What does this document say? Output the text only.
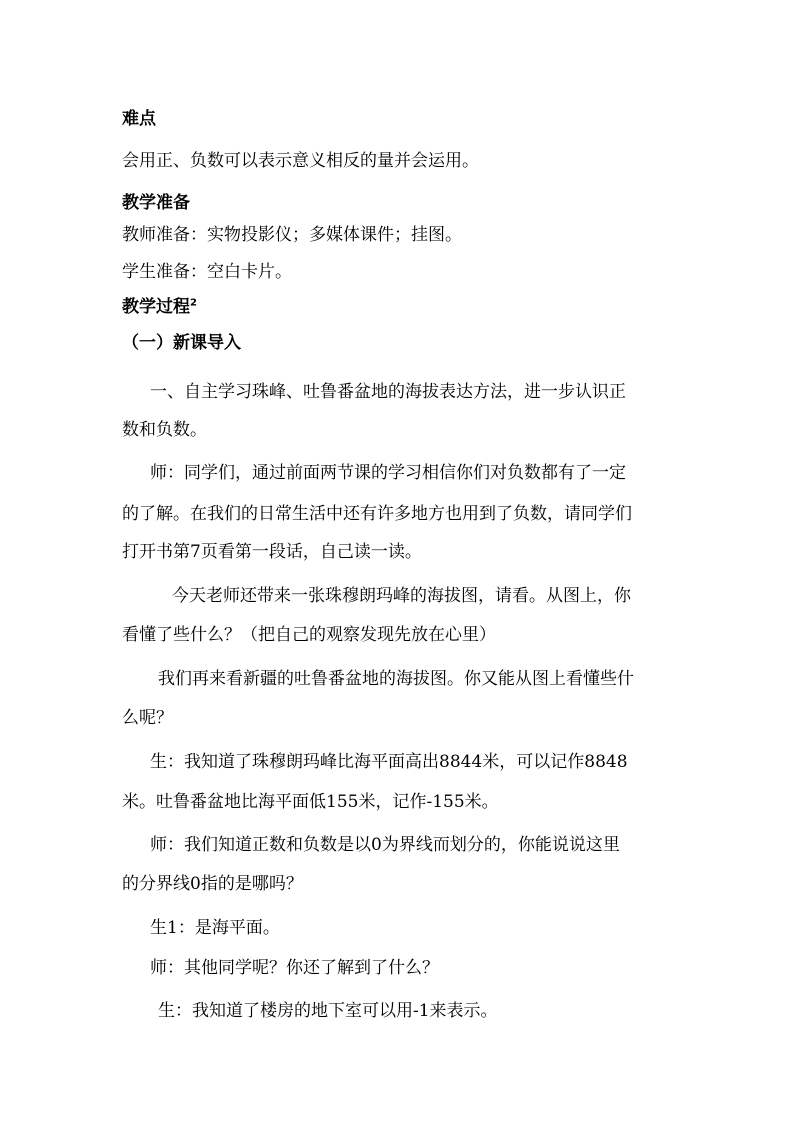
难点
会用正、负数可以表示意义相反的量并会运用。
教学准备
教师准备：实物投影仪；多媒体课件；挂图。
学生准备：空白卡片。
教学过程$^2$
（一）新课导入
一、自主学习珠峰、吐鲁番盆地的海拔表达方法，进一步认识正
数和负数。
师：同学们，通过前面两节课的学习相信你们对负数都有了一定
的了解。在我们的日常生活中还有许多地方也用到了负数，请同学们
打开书第7页看第一段话，自己读一读。
今天老师还带来一张珠穆朗玛峰的海拔图，请看。从图上，你
看懂了些什么？（把自己的观察发现先放在心里）
我们再来看新疆的吐鲁番盆地的海拔图。你又能从图上看懂些什
么呢？
生：我知道了珠穆朗玛峰比海平面高出8844米，可以记作8848
米。吐鲁番盆地比海平面低155米，记作-155米。
师：我们知道正数和负数是以0为界线而划分的，你能说说这里
的分界线0指的是哪吗？
生1：是海平面。
师：其他同学呢？你还了解到了什么？
生：我知道了楼房的地下室可以用-1来表示。
